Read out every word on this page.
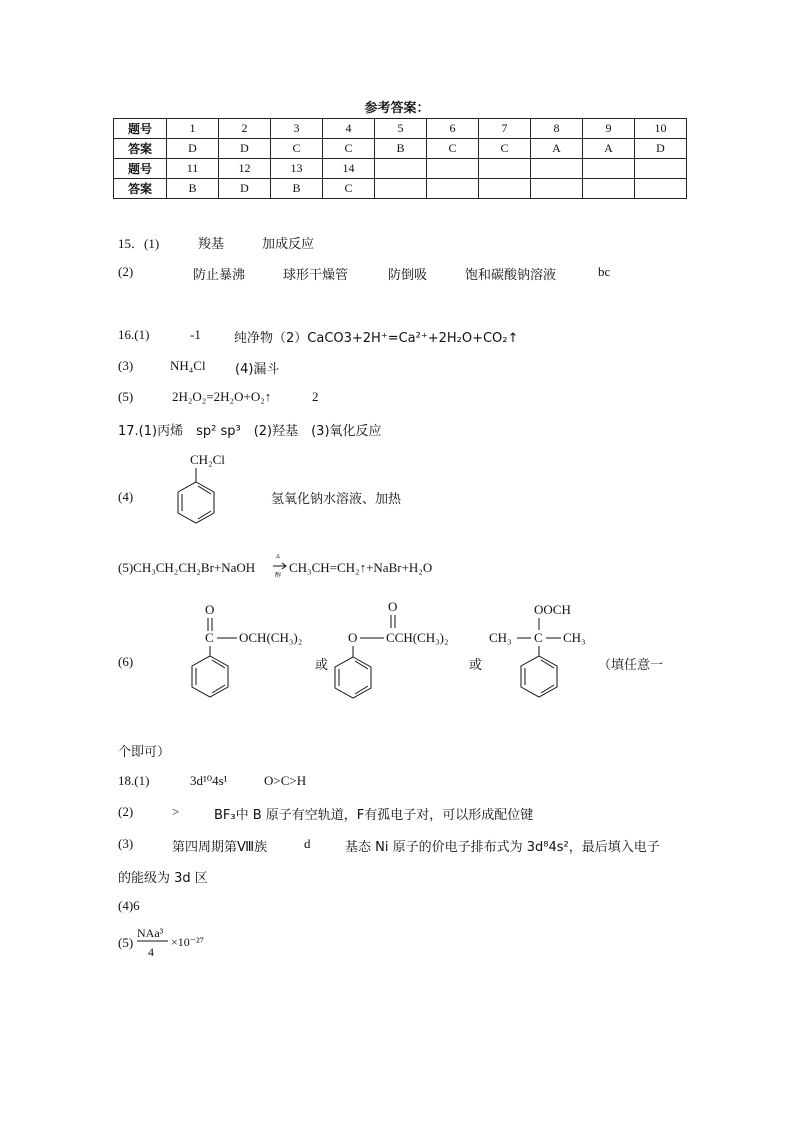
参考答案：
题号	1	2	3	4	5	6	7	8	9	10
答案	D	D	C	C	B	C	C	A	A	D
题号	11	12	13	14						
答案	B	D	B	C						
15．(1)	羧基	加成反应
(2)	防止暴沸	球形干燥管	防倒吸	饱和碳酸钠溶液	bc
16.(1)	-1	纯净物（2）CaCO3+2H⁺=Ca²⁺+2H₂O+CO₂↑
(3)	NH₄Cl (4)漏斗
(5)	2H₂O₂=2H₂O+O₂↑	2
17.(1)丙烯　sp² sp³　(2)羟基　(3)氧化反应
(4)
CH₂Cl
氢氧化钠水溶液、加热
(5)CH₃CH₂CH₂Br+NaOH
Δ
醇
CH₃CH=CH₂↑+NaBr+H₂O
(6)
O
C OCH(CH₃)₂
或
O
O CCH(CH₃)₂
或
OOCH
CH₃ C CH₃
（填任意一
个即可）
18.(1)	3d¹⁰4s¹	O>C>H
(2)	>	BF₃中 B 原子有空轨道，F有孤电子对，可以形成配位键
(3)	第四周期第Ⅷ族	d	基态 Ni 原子的价电子排布式为 3d⁸4s²，最后填入电子
的能级为 3d 区
(4)6
(5)
NAa³
4
×10⁻²⁷
